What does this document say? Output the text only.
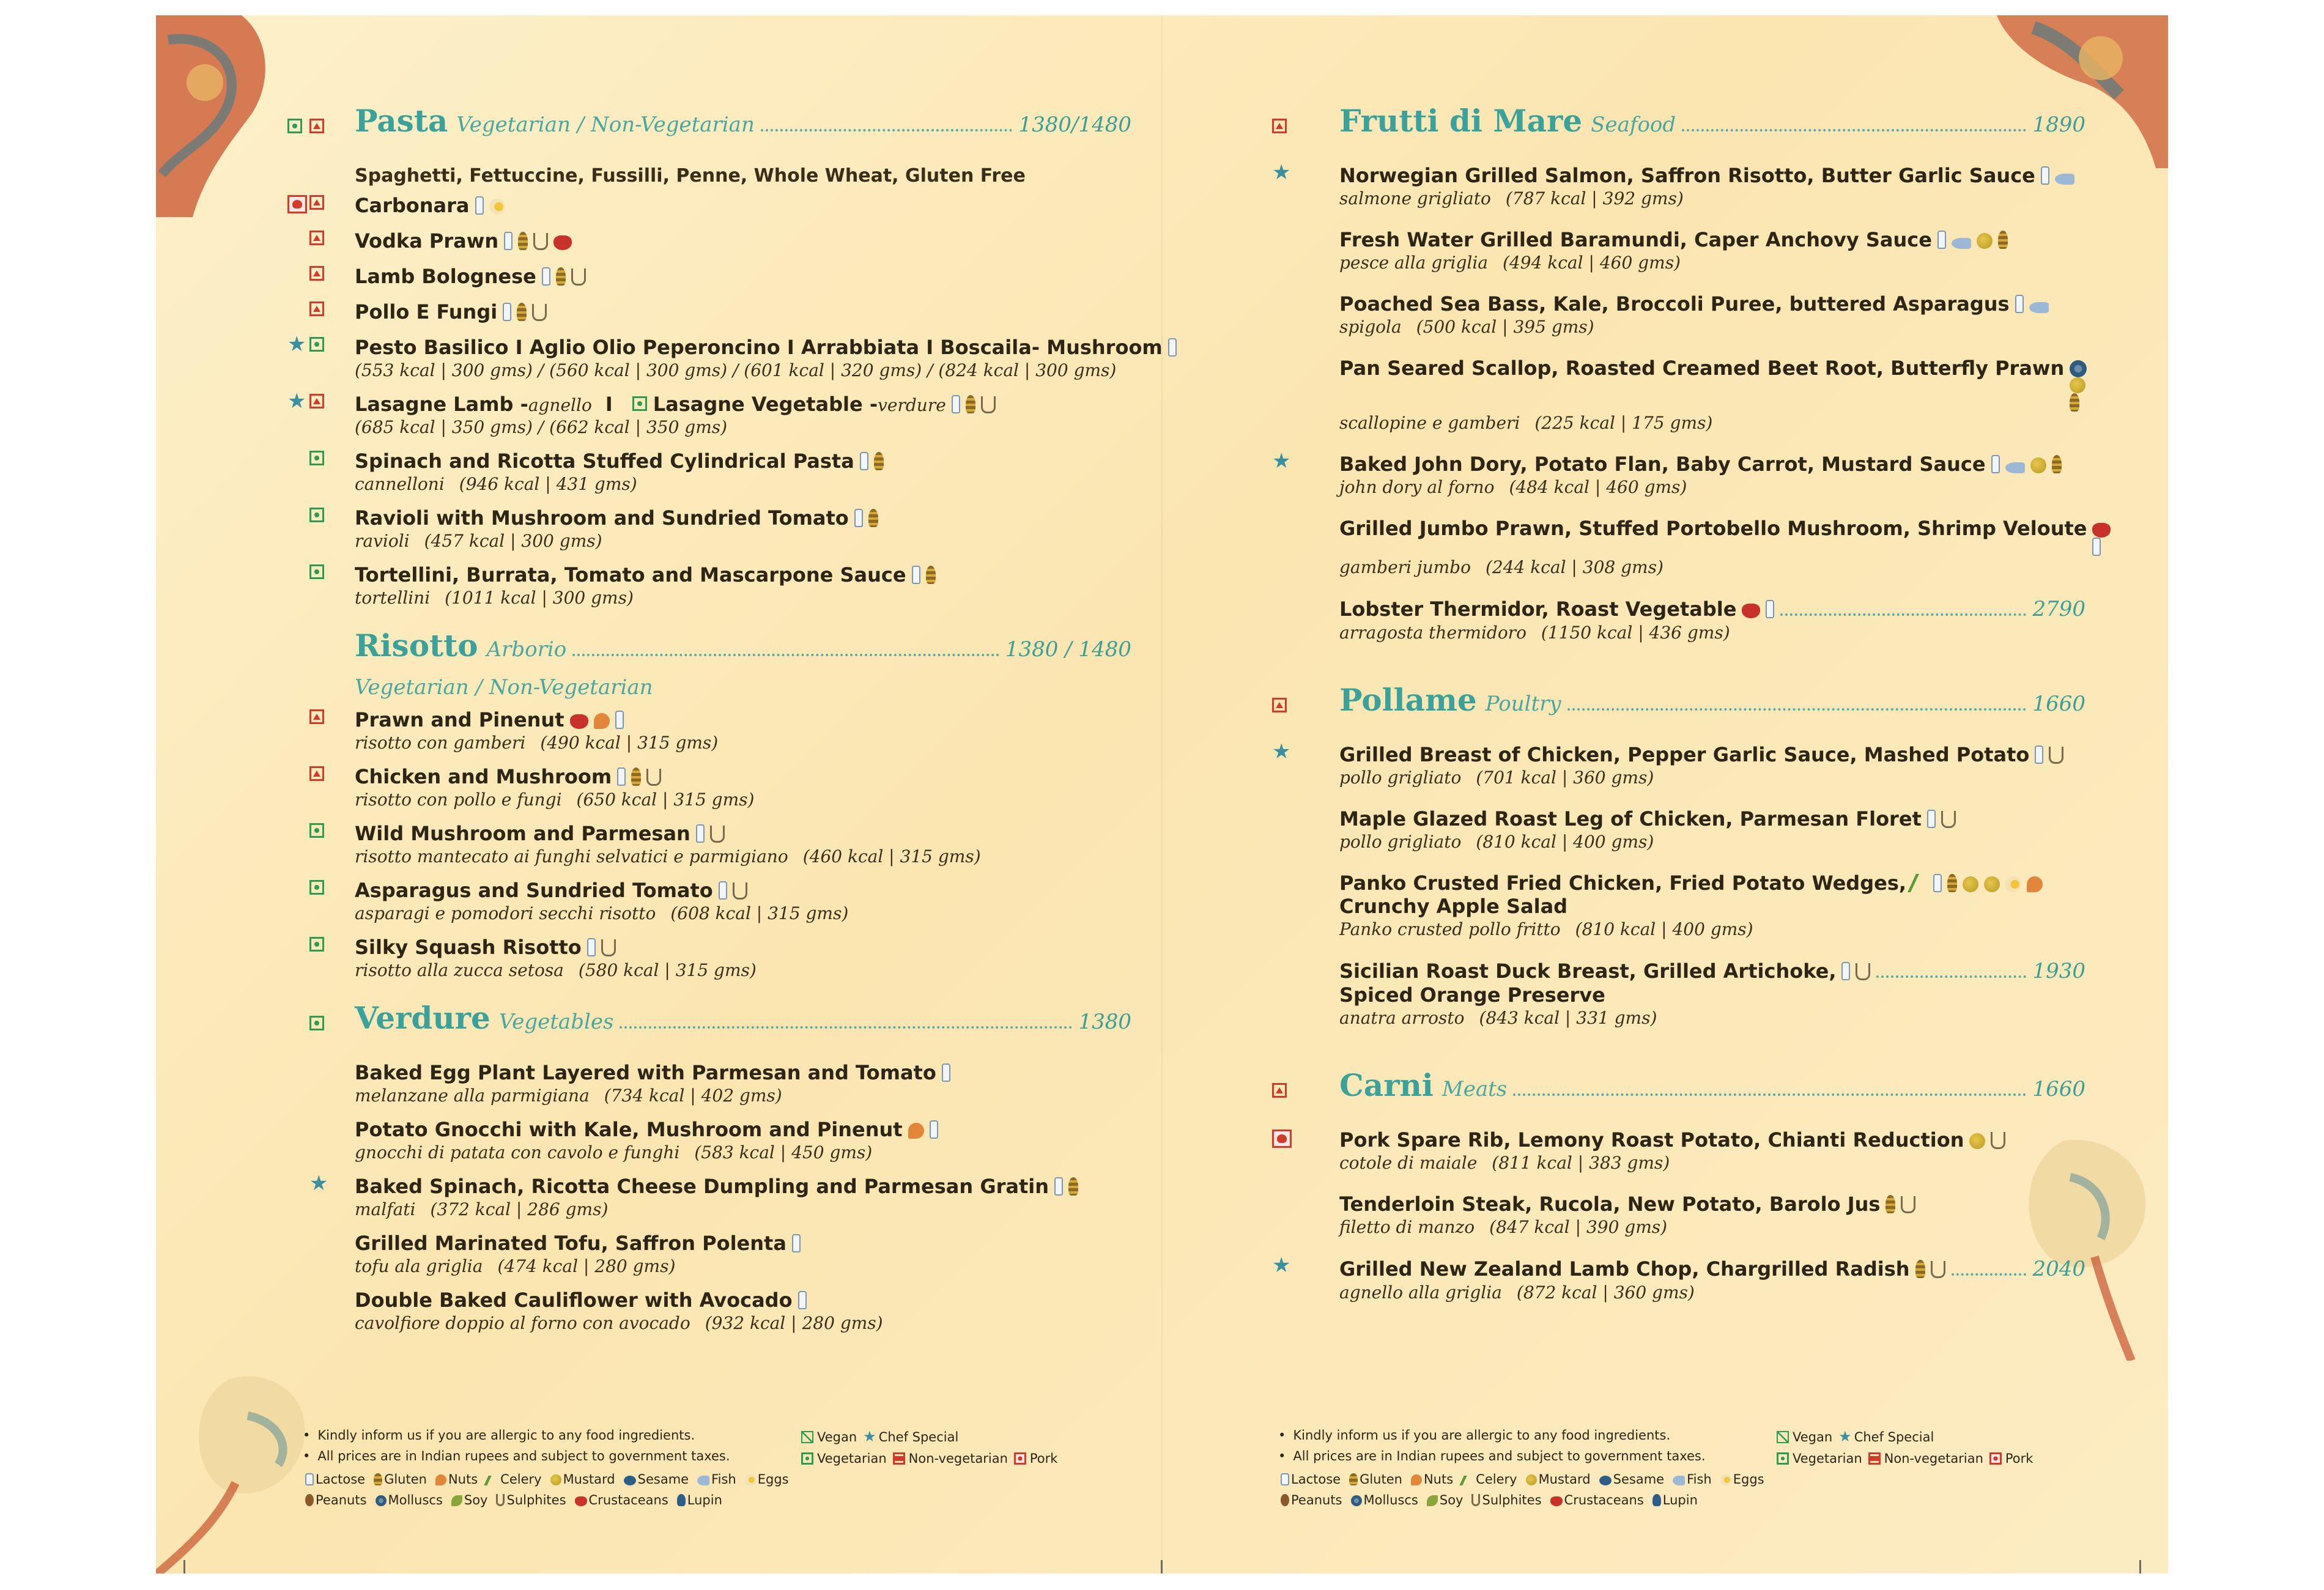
Pasta Vegetarian / Non-Vegetarian	1380/1480
Spaghetti, Fettuccine, Fussilli, Penne, Whole Wheat, Gluten Free
Carbonara
Vodka Prawn
Lamb Bolognese
Pollo E Fungi
★ Pesto Basilico I Aglio Olio Peperoncino I Arrabbiata I Boscaila- Mushroom
(553 kcal | 300 gms) / (560 kcal | 300 gms) / (601 kcal | 320 gms) / (824 kcal | 300 gms)
★ Lasagne Lamb - agnello I Lasagne Vegetable - verdure
(685 kcal | 350 gms) / (662 kcal | 350 gms)
Spinach and Ricotta Stuffed Cylindrical Pasta
cannelloni (946 kcal | 431 gms)
Ravioli with Mushroom and Sundried Tomato
ravioli (457 kcal | 300 gms)
Tortellini, Burrata, Tomato and Mascarpone Sauce
tortellini (1011 kcal | 300 gms)
Risotto Arborio	1380 / 1480
Vegetarian / Non-Vegetarian
Prawn and Pinenut
risotto con gamberi (490 kcal | 315 gms)
Chicken and Mushroom
risotto con pollo e fungi (650 kcal | 315 gms)
Wild Mushroom and Parmesan
risotto mantecato ai funghi selvatici e parmigiano (460 kcal | 315 gms)
Asparagus and Sundried Tomato
asparagi e pomodori secchi risotto (608 kcal | 315 gms)
Silky Squash Risotto
risotto alla zucca setosa (580 kcal | 315 gms)
Verdure Vegetables	1380
Baked Egg Plant Layered with Parmesan and Tomato
melanzane alla parmigiana (734 kcal | 402 gms)
Potato Gnocchi with Kale, Mushroom and Pinenut
gnocchi di patata con cavolo e funghi (583 kcal | 450 gms)
★ Baked Spinach, Ricotta Cheese Dumpling and Parmesan Gratin
malfati (372 kcal | 286 gms)
Grilled Marinated Tofu, Saffron Polenta
tofu ala griglia (474 kcal | 280 gms)
Double Baked Cauliflower with Avocado
cavolfiore doppio al forno con avocado (932 kcal | 280 gms)
• Kindly inform us if you are allergic to any food ingredients.
• All prices are in Indian rupees and subject to government taxes.
Vegan ★ Chef Special
Vegetarian Non-vegetarian Pork
Lactose Gluten Nuts Celery Mustard Sesame Fish Eggs
Peanuts Molluscs Soy Sulphites Crustaceans Lupin
Frutti di Mare Seafood	1890
★ Norwegian Grilled Salmon, Saffron Risotto, Butter Garlic Sauce
salmone grigliato (787 kcal | 392 gms)
Fresh Water Grilled Baramundi, Caper Anchovy Sauce
pesce alla griglia (494 kcal | 460 gms)
Poached Sea Bass, Kale, Broccoli Puree, buttered Asparagus
spigola (500 kcal | 395 gms)
Pan Seared Scallop, Roasted Creamed Beet Root, Butterfly Prawn
scallopine e gamberi (225 kcal | 175 gms)
★ Baked John Dory, Potato Flan, Baby Carrot, Mustard Sauce
john dory al forno (484 kcal | 460 gms)
Grilled Jumbo Prawn, Stuffed Portobello Mushroom, Shrimp Veloute
gamberi jumbo (244 kcal | 308 gms)
Lobster Thermidor, Roast Vegetable	2790
arragosta thermidoro (1150 kcal | 436 gms)
Pollame Poultry	1660
★ Grilled Breast of Chicken, Pepper Garlic Sauce, Mashed Potato
pollo grigliato (701 kcal | 360 gms)
Maple Glazed Roast Leg of Chicken, Parmesan Floret
pollo grigliato (810 kcal | 400 gms)
Panko Crusted Fried Chicken, Fried Potato Wedges,
Crunchy Apple Salad
Panko crusted pollo fritto (810 kcal | 400 gms)
Sicilian Roast Duck Breast, Grilled Artichoke,	1930
Spiced Orange Preserve
anatra arrosto (843 kcal | 331 gms)
Carni Meats	1660
Pork Spare Rib, Lemony Roast Potato, Chianti Reduction
cotole di maiale (811 kcal | 383 gms)
Tenderloin Steak, Rucola, New Potato, Barolo Jus
filetto di manzo (847 kcal | 390 gms)
★ Grilled New Zealand Lamb Chop, Chargrilled Radish	2040
agnello alla griglia (872 kcal | 360 gms)
• Kindly inform us if you are allergic to any food ingredients.
• All prices are in Indian rupees and subject to government taxes.
Vegan ★ Chef Special
Vegetarian Non-vegetarian Pork
Lactose Gluten Nuts Celery Mustard Sesame Fish Eggs
Peanuts Molluscs Soy Sulphites Crustaceans Lupin
